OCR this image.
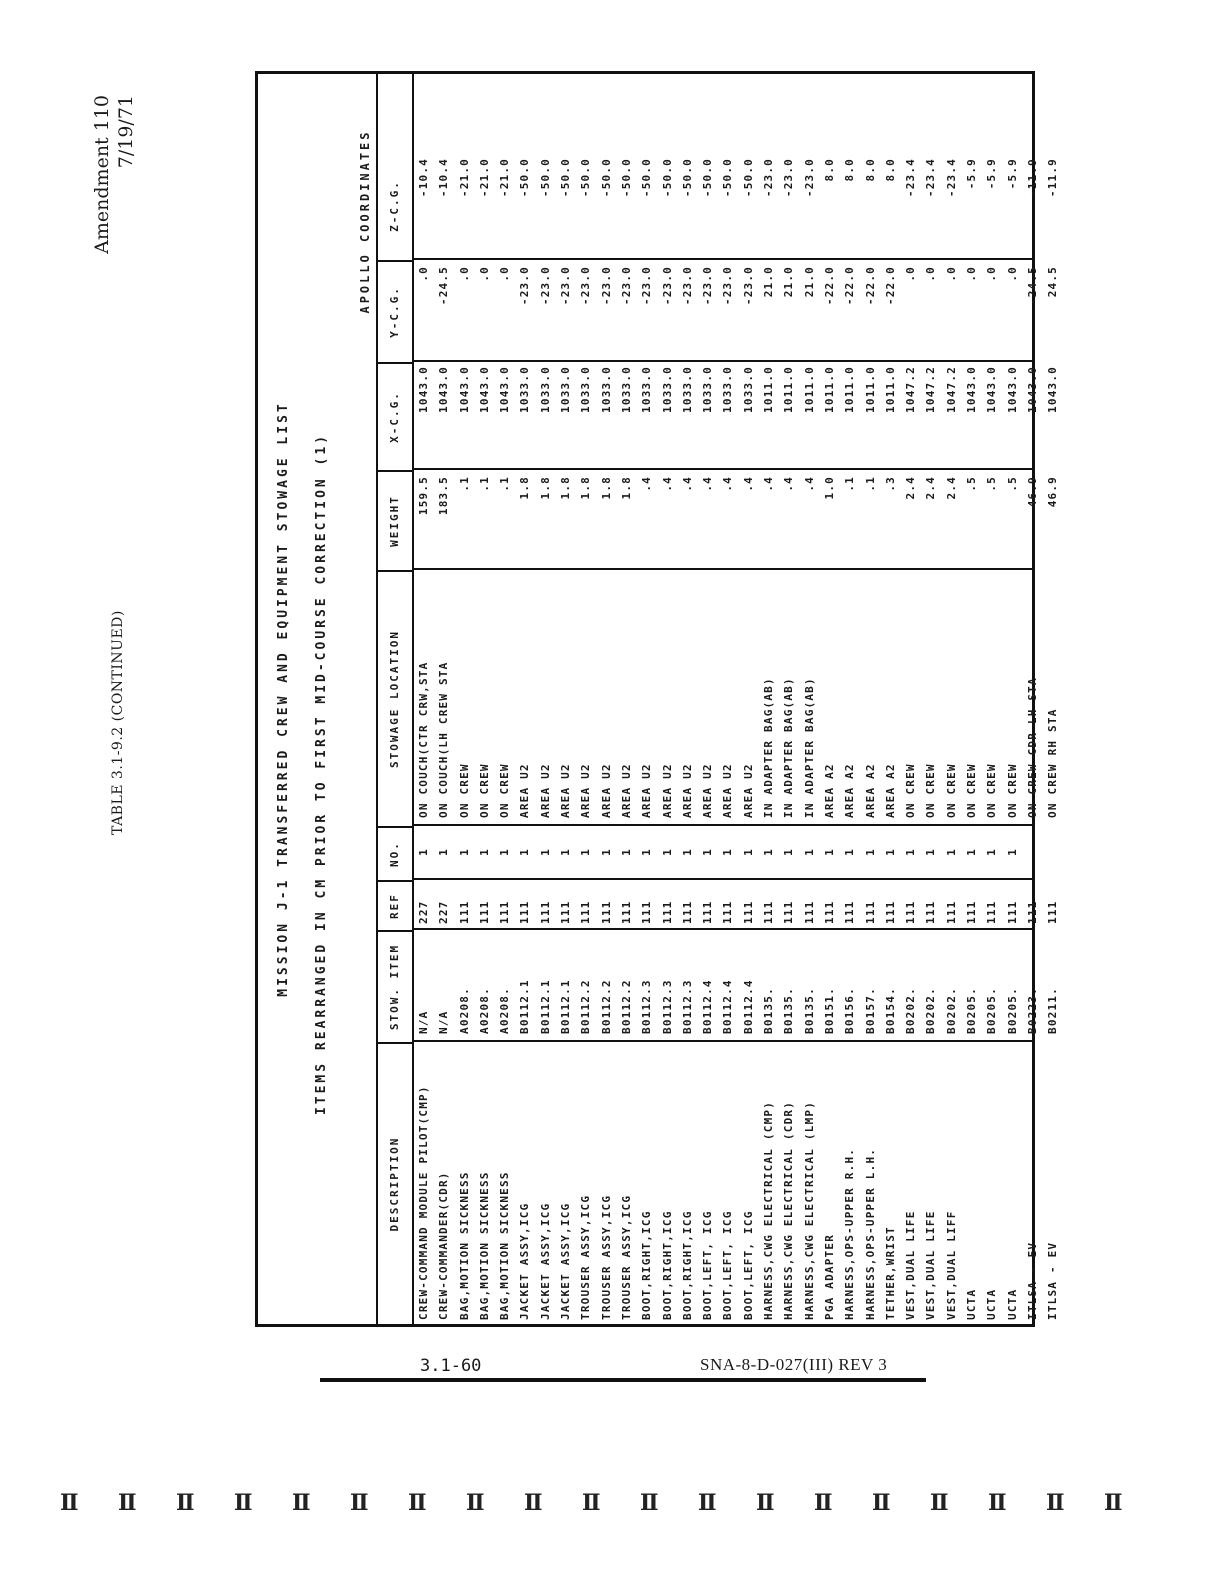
Amendment 110 7/19/71
TABLE 3.1-9.2 (CONTINUED)	MISSION J-1 TRANSFERRED CREW AND EQUIPMENT STOWAGE LIST ITEMS REARRANGED IN CM PRIOR TO FIRST MID-COURSE CORRECTION (1)
APOLLO COORDINATES
DESCRIPTION
STOW. ITEM
REF
NO.
STOWAGE LOCATION
WEIGHT
X-C.G.
Y-C.G.
Z-C.G.
CREW-COMMAND MODULE PILOT(CMP)
N/A
227
1
ON COUCH(CTR CRW,STA
159.5
1043.0
.0
-10.4
CREW-COMMANDER(CDR)
N/A
227
1
ON COUCH(LH CREW STA
183.5
1043.0
-24.5
-10.4
BAG,MOTION SICKNESS
A0208.
111
1
ON CREW
.1
1043.0
.0
-21.0
BAG,MOTION SICKNESS
A0208.
111
1
ON CREW
.1
1043.0
.0
-21.0
BAG,MOTION SICKNESS
A0208.
111
1
ON CREW
.1
1043.0
.0
-21.0
JACKET ASSY,ICG
B0112.1
111
1
AREA U2
1.8
1033.0
-23.0
-50.0
JACKET ASSY,ICG
B0112.1
111
1
AREA U2
1.8
1033.0
-23.0
-50.0
JACKET ASSY,ICG
B0112.1
111
1
AREA U2
1.8
1033.0
-23.0
-50.0
TROUSER ASSY,ICG
B0112.2
111
1
AREA U2
1.8
1033.0
-23.0
-50.0
TROUSER ASSY,ICG
B0112.2
111
1
AREA U2
1.8
1033.0
-23.0
-50.0
TROUSER ASSY,ICG
B0112.2
111
1
AREA U2
1.8
1033.0
-23.0
-50.0
BOOT,RIGHT,ICG
B0112.3
111
1
AREA U2
.4
1033.0
-23.0
-50.0
BOOT,RIGHT,ICG
B0112.3
111
1
AREA U2
.4
1033.0
-23.0
-50.0
BOOT,RIGHT,ICG
B0112.3
111
1
AREA U2
.4
1033.0
-23.0
-50.0
BOOT,LEFT, ICG
B0112.4
111
1
AREA U2
.4
1033.0
-23.0
-50.0
BOOT,LEFT, ICG
B0112.4
111
1
AREA U2
.4
1033.0
-23.0
-50.0
BOOT,LEFT, ICG
B0112.4
111
1
AREA U2
.4
1033.0
-23.0
-50.0
HARNESS,CWG ELECTRICAL (CMP)
B0135.
111
1
IN ADAPTER BAG(AB)
.4
1011.0
21.0
-23.0
HARNESS,CWG ELECTRICAL (CDR)
B0135.
111
1
IN ADAPTER BAG(AB)
.4
1011.0
21.0
-23.0
HARNESS,CWG ELECTRICAL (LMP)
B0135.
111
1
IN ADAPTER BAG(AB)
.4
1011.0
21.0
-23.0
PGA ADAPTER
B0151.
111
1
AREA A2
1.0
1011.0
-22.0
8.0
HARNESS,OPS-UPPER R.H.
B0156.
111
1
AREA A2
.1
1011.0
-22.0
8.0
HARNESS,OPS-UPPER L.H.
B0157.
111
1
AREA A2
.1
1011.0
-22.0
8.0
TETHER,WRIST
B0154.
111
1
AREA A2
.3
1011.0
-22.0
8.0
VEST,DUAL LIFE
B0202.
111
1
ON CREW
2.4
1047.2
.0
-23.4
VEST,DUAL LIFE
B0202.
111
1
ON CREW
2.4
1047.2
.0
-23.4
VEST,DUAL LIFF
B0202.
111
1
ON CREW
2.4
1047.2
.0
-23.4
UCTA
B0205.
111
1
ON CREW
.5
1043.0
.0
-5.9
UCTA
B0205.
111
1
ON CREW
.5
1043.0
.0
-5.9
UCTA
B0205.
111
1
ON CREW
.5
1043.0
.0
-5.9
ITLSA - EV
B0223.
111
ON CREW CDR LH STA
46.9
1043.0
-24.5
-11.9
ITLSA - EV
B0211.
111
ON CREW RH STA
46.9
1043.0
24.5
-11.9
SNA-8-D-027(III) REV 3
3.1-60
Ⅱ Ⅱ Ⅱ Ⅱ Ⅱ Ⅱ Ⅱ Ⅱ Ⅱ Ⅱ Ⅱ Ⅱ Ⅱ Ⅱ Ⅱ Ⅱ Ⅱ Ⅱ Ⅱ
